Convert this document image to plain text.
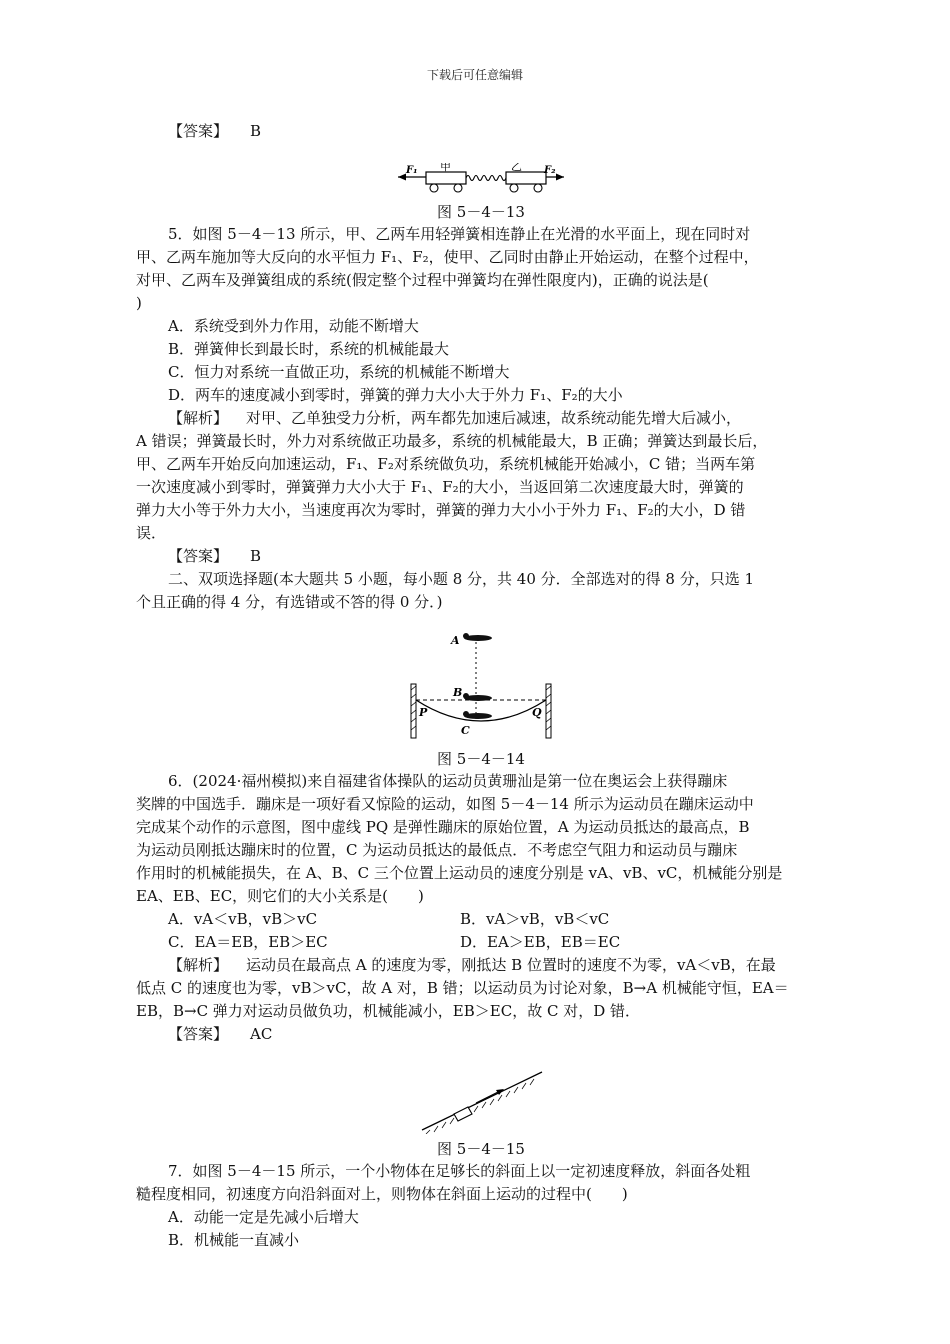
下载后可任意编辑

【答案】 B

F₁ 甲	乙 F₂

图 5－4－13

5．如图 5－4－13 所示，甲、乙两车用轻弹簧相连静止在光滑的水平面上，现在同时对

甲、乙两车施加等大反向的水平恒力 F₁、F₂，使甲、乙同时由静止开始运动，在整个过程中，

对甲、乙两车及弹簧组成的系统(假定整个过程中弹簧均在弹性限度内)，正确的说法是(

)

A．系统受到外力作用，动能不断增大

B．弹簧伸长到最长时，系统的机械能最大

C．恒力对系统一直做正功，系统的机械能不断增大

D．两车的速度减小到零时，弹簧的弹力大小大于外力 F₁、F₂的大小

【解析】 对甲、乙单独受力分析，两车都先加速后减速，故系统动能先增大后减小，

A 错误；弹簧最长时，外力对系统做正功最多，系统的机械能最大，B 正确；弹簧达到最长后，

甲、乙两车开始反向加速运动，F₁、F₂对系统做负功，系统机械能开始减小，C 错；当两车第

一次速度减小到零时，弹簧弹力大小大于 F₁、F₂的大小，当返回第二次速度最大时，弹簧的

弹力大小等于外力大小，当速度再次为零时，弹簧的弹力大小小于外力 F₁、F₂的大小，D 错

误．

【答案】 B

二、双项选择题(本大题共 5 小题，每小题 8 分，共 40 分．全部选对的得 8 分，只选 1

个且正确的得 4 分，有选错或不答的得 0 分．)

A
B
C
P	Q

图 5－4－14

6．(2024·福州模拟)来自福建省体操队的运动员黄珊汕是第一位在奥运会上获得蹦床

奖牌的中国选手．蹦床是一项好看又惊险的运动，如图 5－4－14 所示为运动员在蹦床运动中

完成某个动作的示意图，图中虚线 PQ 是弹性蹦床的原始位置，A 为运动员抵达的最高点，B

为运动员刚抵达蹦床时的位置，C 为运动员抵达的最低点．不考虑空气阻力和运动员与蹦床

作用时的机械能损失，在 A、B、C 三个位置上运动员的速度分别是 vA、vB、vC，机械能分别是

EA、EB、EC，则它们的大小关系是(　　)

A．vA＜vB，vB＞vC	B．vA＞vB，vB＜vC
C．EA＝EB，EB＞EC	D．EA＞EB，EB＝EC

【解析】 运动员在最高点 A 的速度为零，刚抵达 B 位置时的速度不为零，vA＜vB，在最

低点 C 的速度也为零，vB＞vC，故 A 对，B 错；以运动员为讨论对象，B→A 机械能守恒，EA＝

EB，B→C 弹力对运动员做负功，机械能减小，EB＞EC，故 C 对，D 错．

【答案】 AC

图 5－4－15

7．如图 5－4－15 所示，一个小物体在足够长的斜面上以一定初速度释放，斜面各处粗

糙程度相同，初速度方向沿斜面对上，则物体在斜面上运动的过程中(　　)

A．动能一定是先减小后增大

B．机械能一直减小
